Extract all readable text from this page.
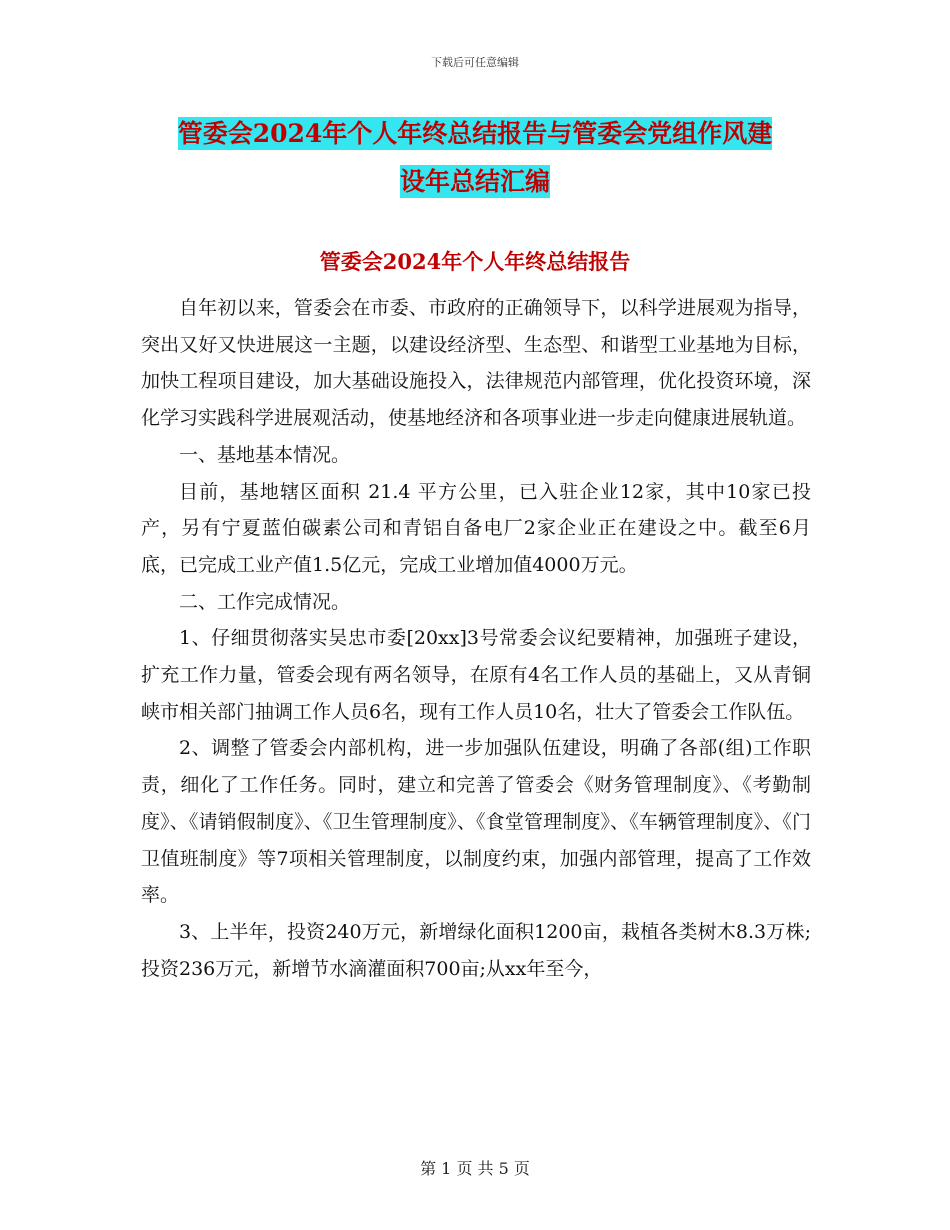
下载后可任意编辑
管委会2024年个人年终总结报告与管委会党组作风建
设年总结汇编
管委会2024年个人年终总结报告

自年初以来，管委会在市委、市政府的正确领导下，以科学进展观为指导，突出又好又快进展这一主题，以建设经济型、生态型、和谐型工业基地为目标，加快工程项目建设，加大基础设施投入，法律规范内部管理，优化投资环境，深化学习实践科学进展观活动，使基地经济和各项事业进一步走向健康进展轨道。

一、基地基本情况。

目前，基地辖区面积 21.4 平方公里，已入驻企业12家，其中10家已投产，另有宁夏蓝伯碳素公司和青铝自备电厂2家企业正在建设之中。截至6月底，已完成工业产值1.5亿元，完成工业增加值4000万元。

二、工作完成情况。

1、仔细贯彻落实吴忠市委[20xx]3号常委会议纪要精神，加强班子建设，扩充工作力量，管委会现有两名领导，在原有4名工作人员的基础上，又从青铜峡市相关部门抽调工作人员6名，现有工作人员10名，壮大了管委会工作队伍。

2、调整了管委会内部机构，进一步加强队伍建设，明确了各部(组)工作职责，细化了工作任务。同时，建立和完善了管委会《财务管理制度》、《考勤制度》、《请销假制度》、《卫生管理制度》、《食堂管理制度》、《车辆管理制度》、《门卫值班制度》等7项相关管理制度，以制度约束，加强内部管理，提高了工作效率。

3、上半年，投资240万元，新增绿化面积1200亩，栽植各类树木8.3万株;投资236万元，新增节水滴灌面积700亩;从xx年至今，

第 1 页 共 5 页
